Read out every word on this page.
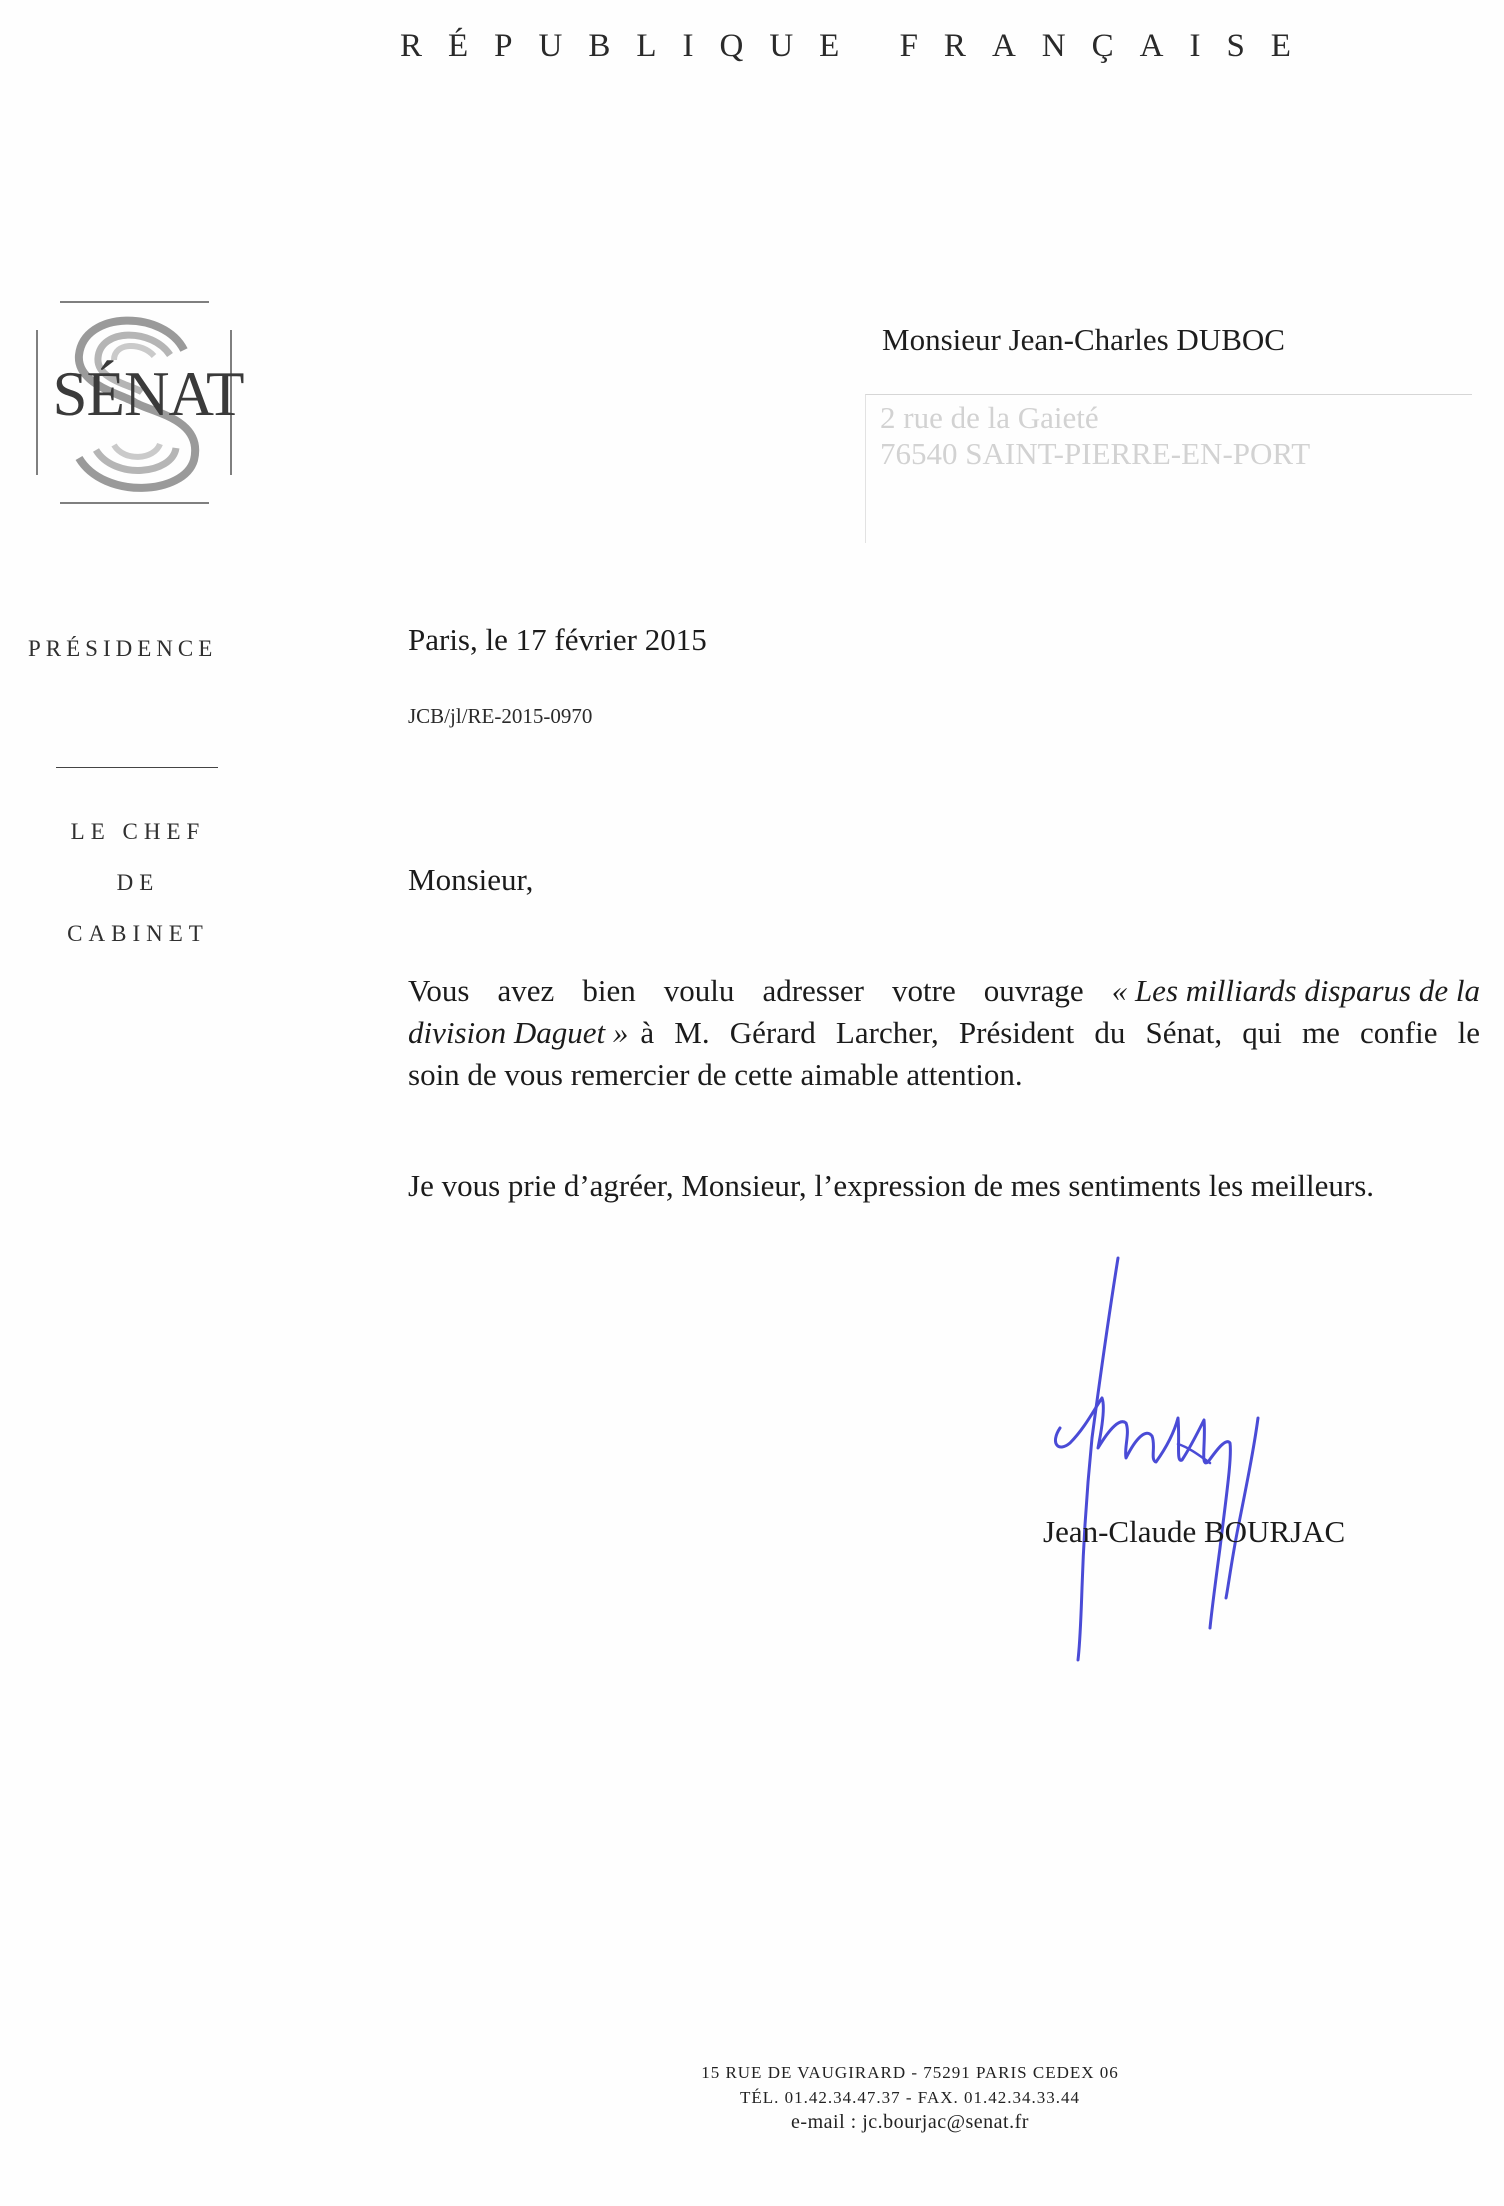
RÉPUBLIQUE FRANÇAISE
SÉNAT
PRÉSIDENCE
LE CHEF
DE
CABINET
Monsieur Jean-Charles DUBOC
2 rue de la Gaieté
76540 SAINT-PIERRE-EN-PORT
Paris, le 17 février 2015
JCB/jl/RE-2015-0970
Monsieur,
Vous avez bien voulu adresser votre ouvrage « Les milliards disparus de la
division Daguet » à M. Gérard Larcher, Président du Sénat, qui me confie le
soin de vous remercier de cette aimable attention.
Je vous prie d’agréer, Monsieur, l’expression de mes sentiments les meilleurs.
Jean-Claude BOURJAC
15 RUE DE VAUGIRARD - 75291 PARIS CEDEX 06
TÉL. 01.42.34.47.37 - FAX. 01.42.34.33.44
e-mail : jc.bourjac@senat.fr
